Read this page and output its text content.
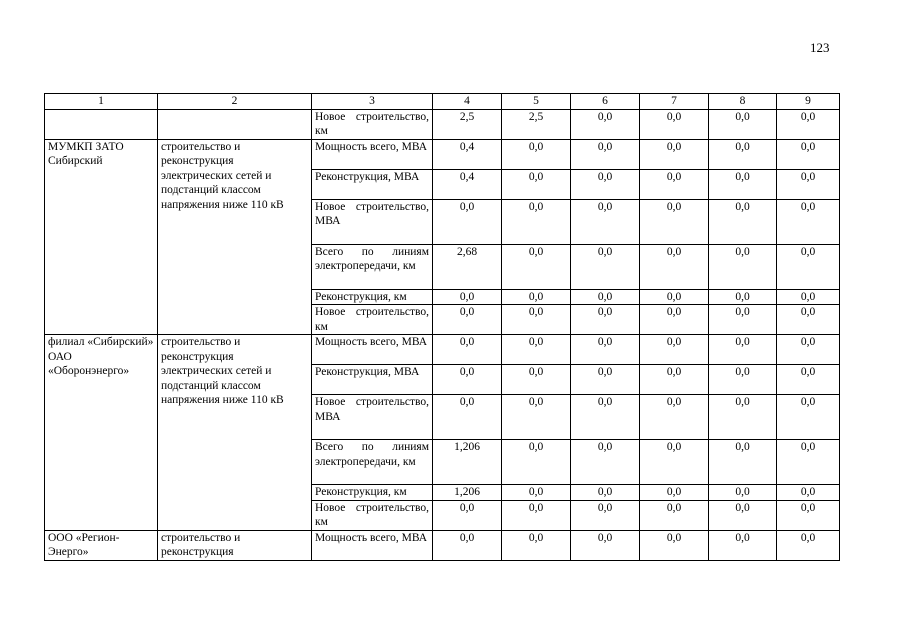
123
1	2	3	4	5	6	7	8	9
		Новое строительство, км	2,5	2,5	0,0	0,0	0,0	0,0
МУМКП ЗАТО Сибирский	строительство и реконструкция электрических сетей и подстанций классом напряжения ниже 110 кВ	Мощность всего, МВА	0,4	0,0	0,0	0,0	0,0	0,0
		Реконструкция, МВА	0,4	0,0	0,0	0,0	0,0	0,0
		Новое строительство, МВА	0,0	0,0	0,0	0,0	0,0	0,0
		Всего по линиям электропередачи, км	2,68	0,0	0,0	0,0	0,0	0,0
		Реконструкция, км	0,0	0,0	0,0	0,0	0,0	0,0
		Новое строительство, км	0,0	0,0	0,0	0,0	0,0	0,0
филиал «Сибирский» ОАО «Оборонэнерго»	строительство и реконструкция электрических сетей и подстанций классом напряжения ниже 110 кВ	Мощность всего, МВА	0,0	0,0	0,0	0,0	0,0	0,0
		Реконструкция, МВА	0,0	0,0	0,0	0,0	0,0	0,0
		Новое строительство, МВА	0,0	0,0	0,0	0,0	0,0	0,0
		Всего по линиям электропередачи, км	1,206	0,0	0,0	0,0	0,0	0,0
		Реконструкция, км	1,206	0,0	0,0	0,0	0,0	0,0
		Новое строительство, км	0,0	0,0	0,0	0,0	0,0	0,0
ООО «Регион-Энерго»	строительство и реконструкция	Мощность всего, МВА	0,0	0,0	0,0	0,0	0,0	0,0
